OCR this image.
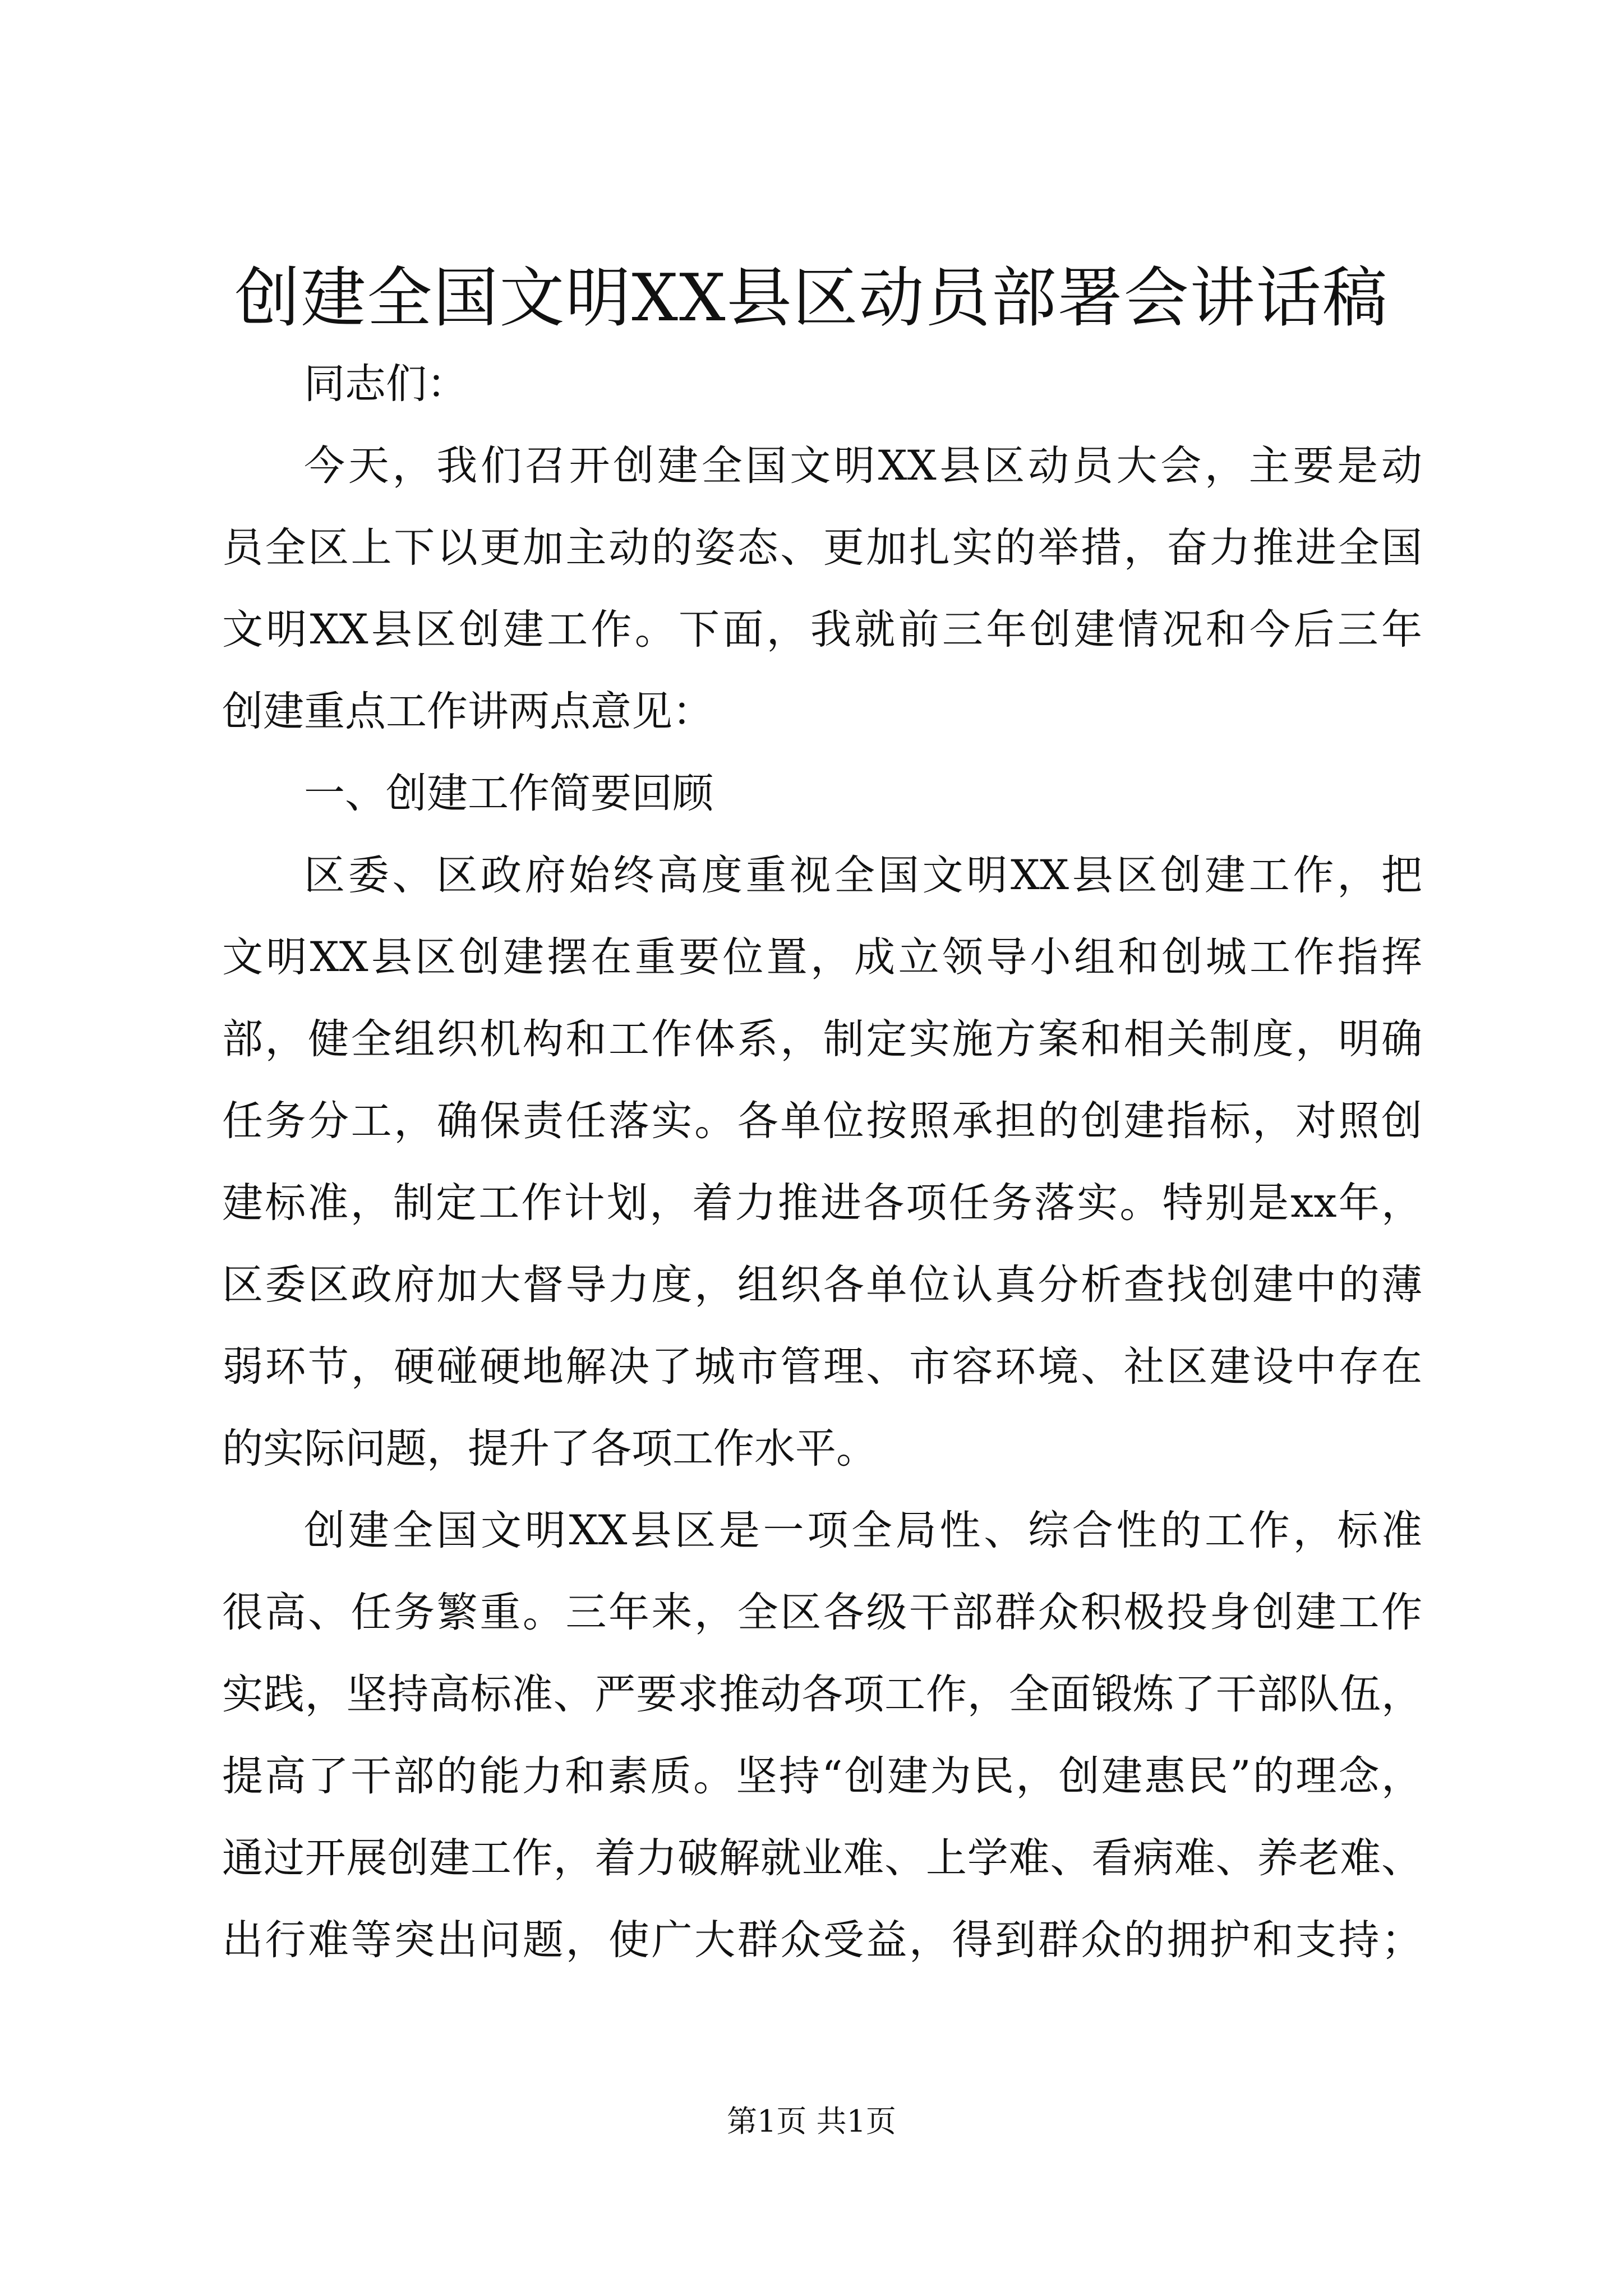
创建全国文明XX县区动员部署会讲话稿

同志们：

今天，我们召开创建全国文明XX县区动员大会，主要是动

员全区上下以更加主动的姿态、更加扎实的举措，奋力推进全国

文明XX县区创建工作。下面，我就前三年创建情况和今后三年

创建重点工作讲两点意见：

一、创建工作简要回顾

区委、区政府始终高度重视全国文明XX县区创建工作，把

文明XX县区创建摆在重要位置，成立领导小组和创城工作指挥

部，健全组织机构和工作体系，制定实施方案和相关制度，明确

任务分工，确保责任落实。各单位按照承担的创建指标，对照创

建标准，制定工作计划，着力推进各项任务落实。特别是xx年，

区委区政府加大督导力度，组织各单位认真分析查找创建中的薄

弱环节，硬碰硬地解决了城市管理、市容环境、社区建设中存在

的实际问题，提升了各项工作水平。

创建全国文明XX县区是一项全局性、综合性的工作，标准

很高、任务繁重。三年来，全区各级干部群众积极投身创建工作

实践，坚持高标准、严要求推动各项工作，全面锻炼了干部队伍，

提高了干部的能力和素质。坚持“创建为民，创建惠民”的理念，

通过开展创建工作，着力破解就业难、上学难、看病难、养老难、

出行难等突出问题，使广大群众受益，得到群众的拥护和支持；

第1页 共1页
